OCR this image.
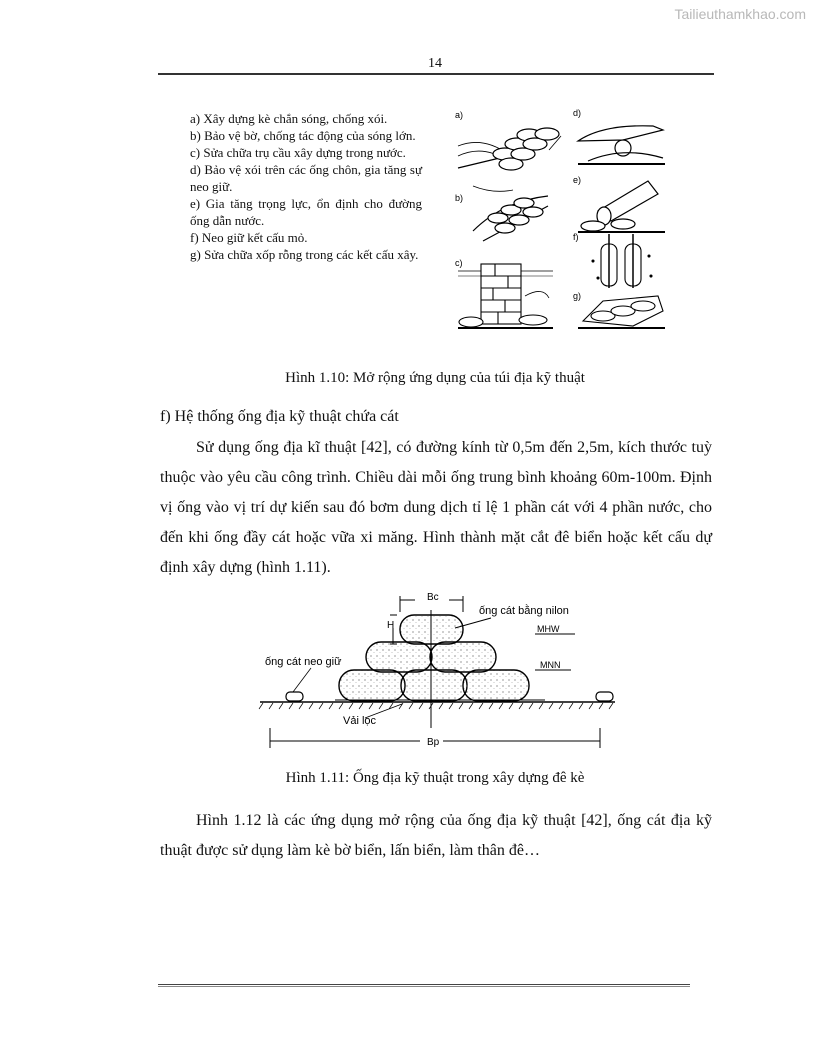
Tailieuthamkhao.com
14
a) Xây dựng kè chắn sóng, chống xói.
b) Bảo vệ bờ, chống tác động của sóng lớn.
c) Sửa chữa trụ cầu xây dựng trong nước.
d) Bảo vệ xói trên các ống chôn, gia tăng sự neo giữ.
e) Gia tăng trọng lực, ổn định cho đường ống dẫn nước.
f) Neo giữ kết cấu mỏ.
g) Sửa chữa xốp rỗng trong các kết cấu xây.
a)
b)
c)
d)
e)
f)
g)
Hình 1.10: Mở rộng ứng dụng của túi địa kỹ thuật
f) Hệ thống ống địa kỹ thuật chứa cát
Sử dụng ống địa kĩ thuật [42], có đường kính từ 0,5m đến 2,5m, kích thước tuỳ thuộc vào yêu cầu công trình. Chiều dài mỗi ống trung bình khoảng 60m-100m. Định vị ống vào vị trí dự kiến sau đó bơm dung dịch tỉ lệ 1 phần cát với 4 phần nước, cho đến khi ống đầy cát hoặc vữa xi măng. Hình thành mặt cắt đê biển hoặc kết cấu dự định xây dựng (hình 1.11).
Bc
H
ống cát bằng nilon
MHW
ống cát neo giữ	MNN
Vải lọc
Bp
Hình 1.11: Ống địa kỹ thuật trong xây dựng đê kè
Hình 1.12 là các ứng dụng mở rộng của ống địa kỹ thuật [42], ống cát địa kỹ thuật được sử dụng làm kè bờ biển, lấn biển, làm thân đê…
